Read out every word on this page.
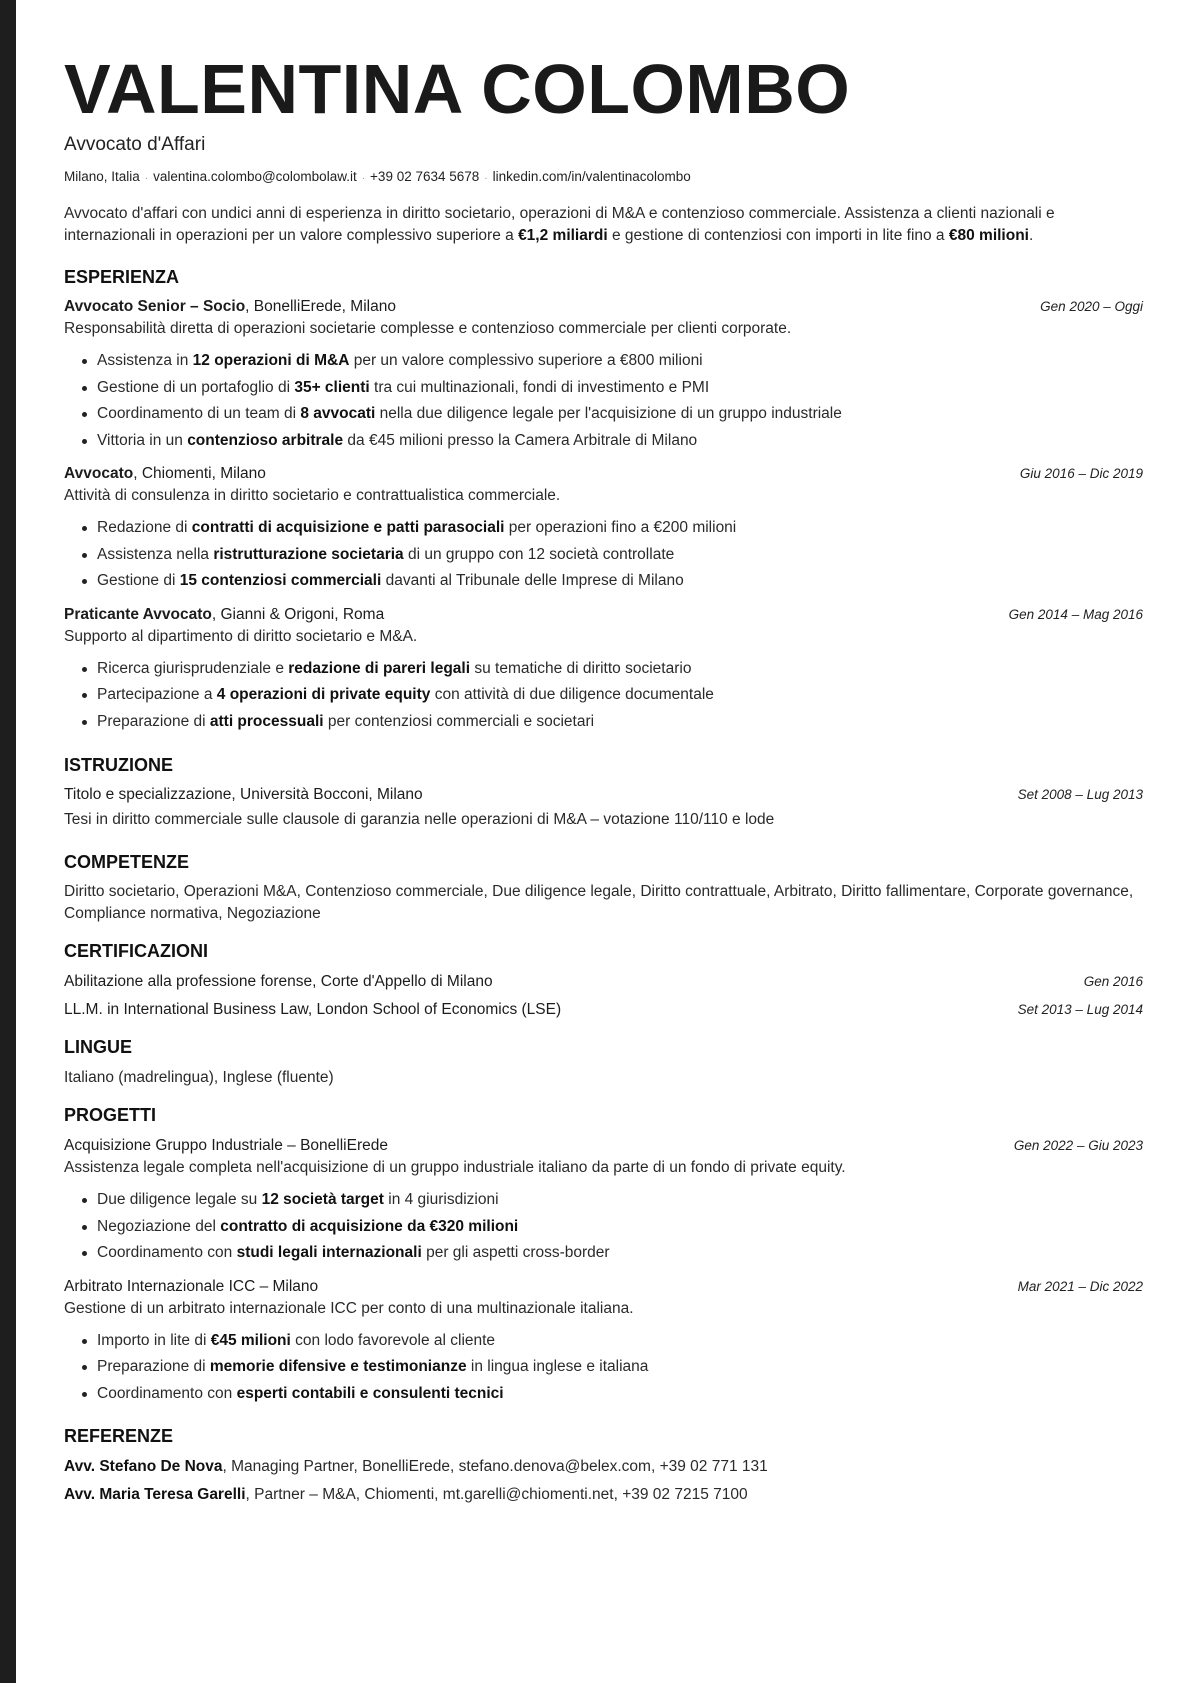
VALENTINA COLOMBO
Avvocato d'Affari
Milano, Italia · valentina.colombo@colombolaw.it · +39 02 7634 5678 · linkedin.com/in/valentinacolombo
Avvocato d'affari con undici anni di esperienza in diritto societario, operazioni di M&A e contenzioso commerciale. Assistenza a clienti nazionali e internazionali in operazioni per un valore complessivo superiore a €1,2 miliardi e gestione di contenziosi con importi in lite fino a €80 milioni.
ESPERIENZA
Avvocato Senior – Socio, BonelliErede, Milano	Gen 2020 – Oggi
Responsabilità diretta di operazioni societarie complesse e contenzioso commerciale per clienti corporate.
Assistenza in 12 operazioni di M&A per un valore complessivo superiore a €800 milioni
Gestione di un portafoglio di 35+ clienti tra cui multinazionali, fondi di investimento e PMI
Coordinamento di un team di 8 avvocati nella due diligence legale per l'acquisizione di un gruppo industriale
Vittoria in un contenzioso arbitrale da €45 milioni presso la Camera Arbitrale di Milano
Avvocato, Chiomenti, Milano	Giu 2016 – Dic 2019
Attività di consulenza in diritto societario e contrattualistica commerciale.
Redazione di contratti di acquisizione e patti parasociali per operazioni fino a €200 milioni
Assistenza nella ristrutturazione societaria di un gruppo con 12 società controllate
Gestione di 15 contenziosi commerciali davanti al Tribunale delle Imprese di Milano
Praticante Avvocato, Gianni & Origoni, Roma	Gen 2014 – Mag 2016
Supporto al dipartimento di diritto societario e M&A.
Ricerca giurisprudenziale e redazione di pareri legali su tematiche di diritto societario
Partecipazione a 4 operazioni di private equity con attività di due diligence documentale
Preparazione di atti processuali per contenziosi commerciali e societari
ISTRUZIONE
Titolo e specializzazione, Università Bocconi, Milano	Set 2008 – Lug 2013
Tesi in diritto commerciale sulle clausole di garanzia nelle operazioni di M&A – votazione 110/110 e lode
COMPETENZE
Diritto societario, Operazioni M&A, Contenzioso commerciale, Due diligence legale, Diritto contrattuale, Arbitrato, Diritto fallimentare, Corporate governance, Compliance normativa, Negoziazione
CERTIFICAZIONI
Abilitazione alla professione forense, Corte d'Appello di Milano	Gen 2016
LL.M. in International Business Law, London School of Economics (LSE)	Set 2013 – Lug 2014
LINGUE
Italiano (madrelingua), Inglese (fluente)
PROGETTI
Acquisizione Gruppo Industriale – BonelliErede	Gen 2022 – Giu 2023
Assistenza legale completa nell'acquisizione di un gruppo industriale italiano da parte di un fondo di private equity.
Due diligence legale su 12 società target in 4 giurisdizioni
Negoziazione del contratto di acquisizione da €320 milioni
Coordinamento con studi legali internazionali per gli aspetti cross-border
Arbitrato Internazionale ICC – Milano	Mar 2021 – Dic 2022
Gestione di un arbitrato internazionale ICC per conto di una multinazionale italiana.
Importo in lite di €45 milioni con lodo favorevole al cliente
Preparazione di memorie difensive e testimonianze in lingua inglese e italiana
Coordinamento con esperti contabili e consulenti tecnici
REFERENZE
Avv. Stefano De Nova, Managing Partner, BonelliErede, stefano.denova@belex.com, +39 02 771 131
Avv. Maria Teresa Garelli, Partner – M&A, Chiomenti, mt.garelli@chiomenti.net, +39 02 7215 7100
